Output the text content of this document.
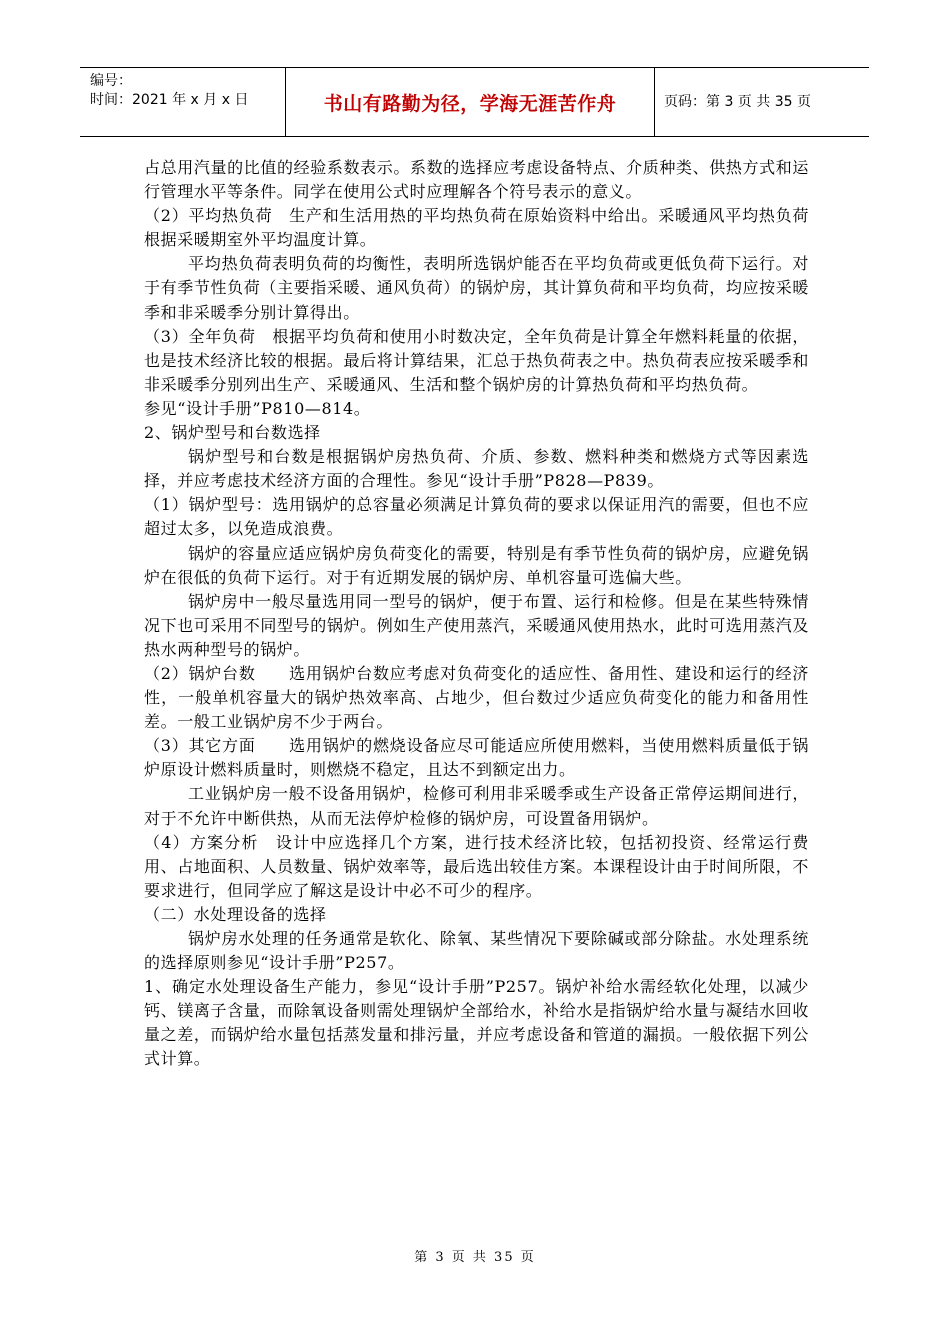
编号：
时间：2021 年 x 月 x 日	书山有路勤为径，学海无涯苦作舟	页码：第 3 页 共 35 页

占总用汽量的比值的经验系数表示。系数的选择应考虑设备特点、介质种类、供热方式和运行管理水平等条件。同学在使用公式时应理解各个符号表示的意义。

（2）平均热负荷　生产和生活用热的平均热负荷在原始资料中给出。采暖通风平均热负荷根据采暖期室外平均温度计算。

平均热负荷表明负荷的均衡性，表明所选锅炉能否在平均负荷或更低负荷下运行。对于有季节性负荷（主要指采暖、通风负荷）的锅炉房，其计算负荷和平均负荷，均应按采暖季和非采暖季分别计算得出。

（3）全年负荷　根据平均负荷和使用小时数决定，全年负荷是计算全年燃料耗量的依据，也是技术经济比较的根据。最后将计算结果，汇总于热负荷表之中。热负荷表应按采暖季和非采暖季分别列出生产、采暖通风、生活和整个锅炉房的计算热负荷和平均热负荷。

参见“设计手册”P810—814。

2、锅炉型号和台数选择

锅炉型号和台数是根据锅炉房热负荷、介质、参数、燃料种类和燃烧方式等因素选择，并应考虑技术经济方面的合理性。参见“设计手册”P828—P839。

（1）锅炉型号：选用锅炉的总容量必须满足计算负荷的要求以保证用汽的需要，但也不应超过太多，以免造成浪费。

锅炉的容量应适应锅炉房负荷变化的需要，特别是有季节性负荷的锅炉房，应避免锅炉在很低的负荷下运行。对于有近期发展的锅炉房、单机容量可选偏大些。

锅炉房中一般尽量选用同一型号的锅炉，便于布置、运行和检修。但是在某些特殊情况下也可采用不同型号的锅炉。例如生产使用蒸汽，采暖通风使用热水，此时可选用蒸汽及热水两种型号的锅炉。

（2）锅炉台数　　选用锅炉台数应考虑对负荷变化的适应性、备用性、建设和运行的经济性，一般单机容量大的锅炉热效率高、占地少，但台数过少适应负荷变化的能力和备用性差。一般工业锅炉房不少于两台。

（3）其它方面　　选用锅炉的燃烧设备应尽可能适应所使用燃料，当使用燃料质量低于锅炉原设计燃料质量时，则燃烧不稳定，且达不到额定出力。

工业锅炉房一般不设备用锅炉，检修可利用非采暖季或生产设备正常停运期间进行，对于不允许中断供热，从而无法停炉检修的锅炉房，可设置备用锅炉。

（4）方案分析　设计中应选择几个方案，进行技术经济比较，包括初投资、经常运行费用、占地面积、人员数量、锅炉效率等，最后选出较佳方案。本课程设计由于时间所限，不要求进行，但同学应了解这是设计中必不可少的程序。

（二）水处理设备的选择

锅炉房水处理的任务通常是软化、除氧、某些情况下要除碱或部分除盐。水处理系统的选择原则参见“设计手册”P257。

1、确定水处理设备生产能力，参见“设计手册”P257。锅炉补给水需经软化处理，以减少钙、镁离子含量，而除氧设备则需处理锅炉全部给水，补给水是指锅炉给水量与凝结水回收量之差，而锅炉给水量包括蒸发量和排污量，并应考虑设备和管道的漏损。一般依据下列公式计算。

第 3 页 共 35 页
